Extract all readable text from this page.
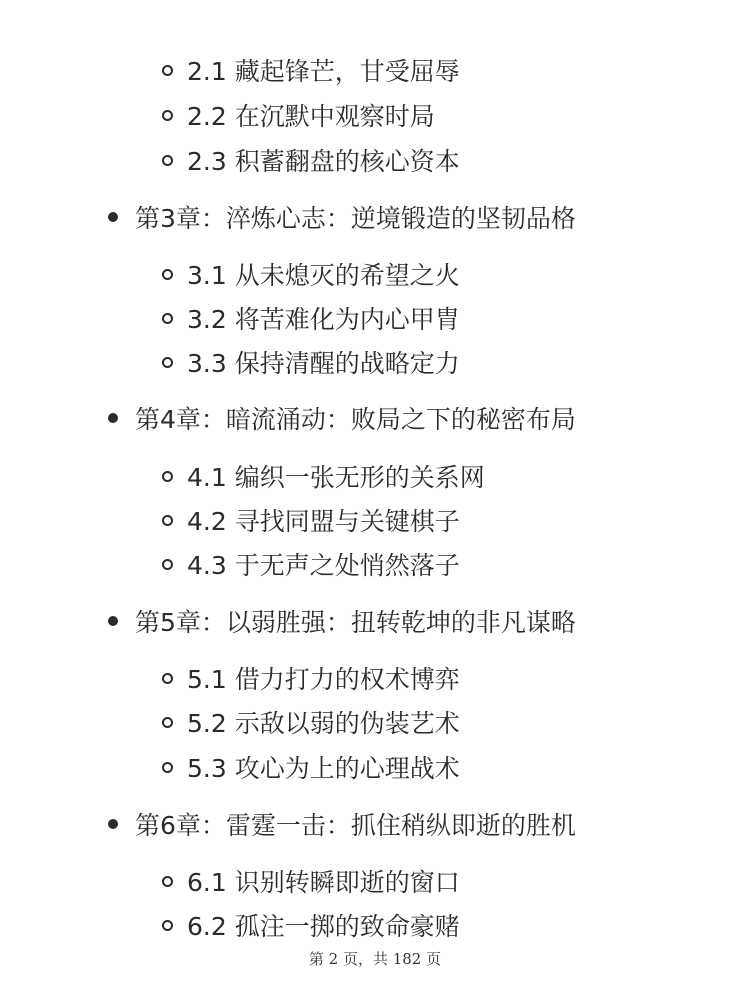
2.1 藏起锋芒，甘受屈辱
2.2 在沉默中观察时局
2.3 积蓄翻盘的核心资本
第3章：淬炼心志：逆境锻造的坚韧品格
3.1 从未熄灭的希望之火
3.2 将苦难化为内心甲胄
3.3 保持清醒的战略定力
第4章：暗流涌动：败局之下的秘密布局
4.1 编织一张无形的关系网
4.2 寻找同盟与关键棋子
4.3 于无声之处悄然落子
第5章：以弱胜强：扭转乾坤的非凡谋略
5.1 借力打力的权术博弈
5.2 示敌以弱的伪装艺术
5.3 攻心为上的心理战术
第6章：雷霆一击：抓住稍纵即逝的胜机
6.1 识别转瞬即逝的窗口
6.2 孤注一掷的致命豪赌
第 2 页，共 182 页
